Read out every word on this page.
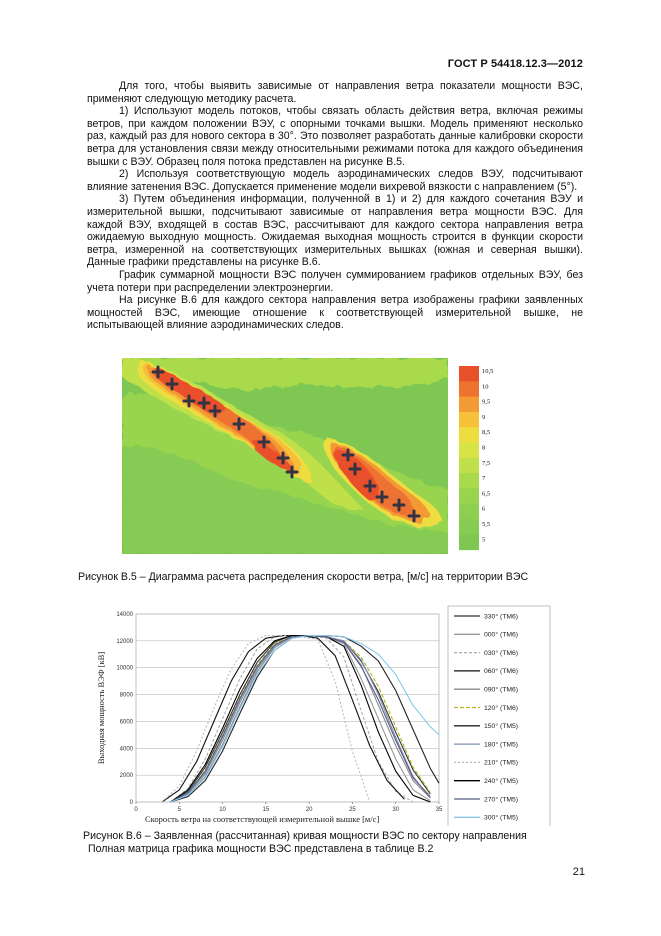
ГОСТ Р 54418.12.3—2012

Для того, чтобы выявить зависимые от направления ветра показатели мощности ВЭС, применяют следующую методику расчета.

1) Используют модель потоков, чтобы связать область действия ветра, включая режимы ветров, при каждом положении ВЭУ, с опорными точками вышки. Модель применяют несколько раз, каждый раз для нового сектора в 30°. Это позволяет разработать данные калибровки скорости ветра для установления связи между относительными режимами потока для каждого объединения вышки с ВЭУ. Образец поля потока представлен на рисунке В.5.

2) Используя соответствующую модель аэродинамических следов ВЭУ, подсчитывают влияние затенения ВЭС. Допускается применение модели вихревой вязкости с направлением (5°).

3) Путем объединения информации, полученной в 1) и 2) для каждого сочетания ВЭУ и измерительной вышки, подсчитывают зависимые от направления ветра мощности ВЭС. Для каждой ВЭУ, входящей в состав ВЭС, рассчитывают для каждого сектора направления ветра ожидаемую выходную мощность. Ожидаемая выходная мощность строится в функции скорости ветра, измеренной на соответствующих измерительных вышках (южная и северная вышки). Данные графики представлены на рисунке В.6.

График суммарной мощности ВЭС получен суммированием графиков отдельных ВЭУ, без учета потери при распределении электроэнергии.

На рисунке В.6 для каждого сектора направления ветра изображены графики заявленных мощностей ВЭС, имеющие отношение к соответствующей измерительной вышке, не испытывающей влияние аэродинамических следов.

10,5
10
9,5
9
8,5
8
7,5
7
6,5
6
5,5
5
Рисунок В.5 – Диаграмма расчета распределения скорости ветра, [м/с] на территории ВЭС
0
2000
4000
6000
8000
10000
12000
14000
0	5	10	15	20	25	30	35
Скорость ветра на соответствующей измерительной вышке [м/с]
Выходная мощность ВЭФ [кВ]
330° (TM6)
000° (TM6)
030° (TM6)
060° (TM6)
090° (TM6)
120° (TM6)
150° (TM5)
180° (TM5)
210° (TM5)
240° (TM5)
270° (TM5)
300° (TM5)
Рисунок В.6 – Заявленная (рассчитанная) кривая мощности ВЭС по сектору направления
Полная матрица графика мощности ВЭС представлена в таблице В.2
21
